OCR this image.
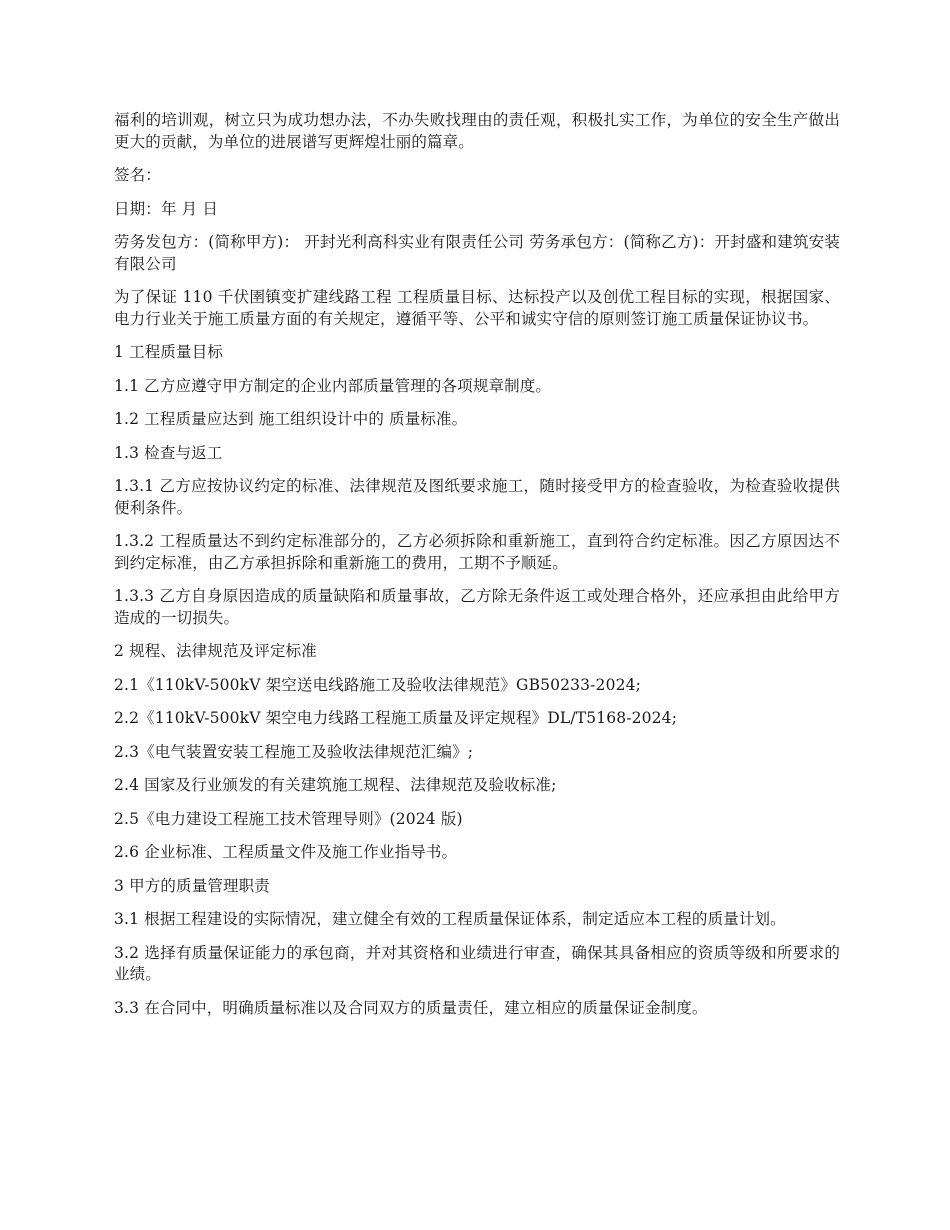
福利的培训观，树立只为成功想办法，不办失败找理由的责任观，积极扎实工作，为单位的安全生产做出更大的贡献，为单位的进展谱写更辉煌壮丽的篇章。

签名：

日期：年 月 日

劳务发包方：(简称甲方)： 开封光利高科实业有限责任公司 劳务承包方：(简称乙方)：开封盛和建筑安装有限公司

为了保证 110 千伏圉镇变扩建线路工程 工程质量目标、达标投产以及创优工程目标的实现，根据国家、电力行业关于施工质量方面的有关规定，遵循平等、公平和诚实守信的原则签订施工质量保证协议书。

1 工程质量目标

1.1 乙方应遵守甲方制定的企业内部质量管理的各项规章制度。

1.2 工程质量应达到 施工组织设计中的 质量标准。

1.3 检查与返工

1.3.1 乙方应按协议约定的标准、法律规范及图纸要求施工，随时接受甲方的检查验收，为检查验收提供便利条件。

1.3.2 工程质量达不到约定标准部分的，乙方必须拆除和重新施工，直到符合约定标准。因乙方原因达不到约定标准，由乙方承担拆除和重新施工的费用，工期不予顺延。

1.3.3 乙方自身原因造成的质量缺陷和质量事故，乙方除无条件返工或处理合格外，还应承担由此给甲方造成的一切损失。

2 规程、法律规范及评定标准

2.1《110kV-500kV 架空送电线路施工及验收法律规范》GB50233-2024;

2.2《110kV-500kV 架空电力线路工程施工质量及评定规程》DL/T5168-2024;

2.3《电气装置安装工程施工及验收法律规范汇编》;

2.4 国家及行业颁发的有关建筑施工规程、法律规范及验收标准;

2.5《电力建设工程施工技术管理导则》(2024 版)

2.6 企业标准、工程质量文件及施工作业指导书。

3 甲方的质量管理职责

3.1 根据工程建设的实际情况，建立健全有效的工程质量保证体系，制定适应本工程的质量计划。

3.2 选择有质量保证能力的承包商，并对其资格和业绩进行审查，确保其具备相应的资质等级和所要求的业绩。

3.3 在合同中，明确质量标准以及合同双方的质量责任，建立相应的质量保证金制度。
